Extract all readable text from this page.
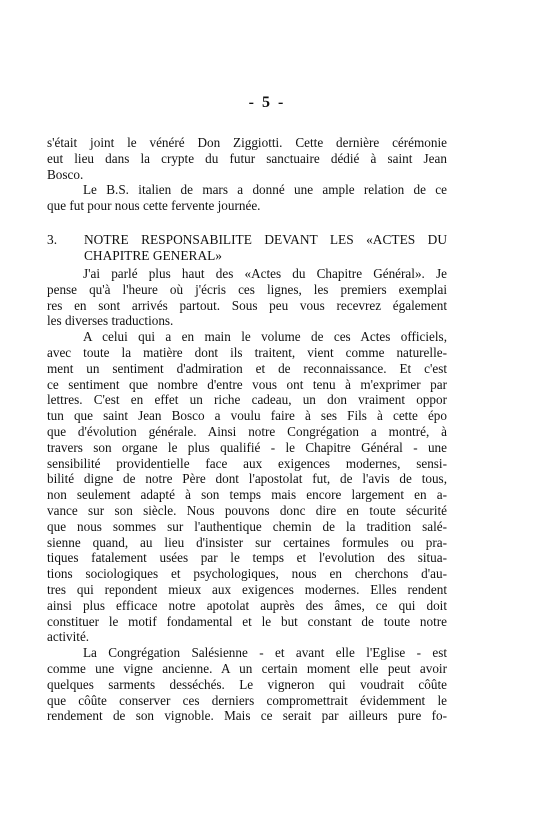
- 5 -
s'était joint le vénéré Don Ziggiotti. Cette dernière cérémonie
eut lieu dans la crypte du futur sanctuaire dédié à saint Jean
Bosco.
Le B.S. italien de mars a donné une ample relation de ce
que fut pour nous cette fervente journée.
3. NOTRE RESPONSABILITE DEVANT LES «ACTES DU
CHAPITRE GENERAL»
J'ai parlé plus haut des «Actes du Chapitre Général». Je
pense qu'à l'heure où j'écris ces lignes, les premiers exemplai
res en sont arrivés partout. Sous peu vous recevrez également
les diverses traductions.
A celui qui a en main le volume de ces Actes officiels,
avec toute la matière dont ils traitent, vient comme naturelle-
ment un sentiment d'admiration et de reconnaissance. Et c'est
ce sentiment que nombre d'entre vous ont tenu à m'exprimer par
lettres. C'est en effet un riche cadeau, un don vraiment oppor
tun que saint Jean Bosco a voulu faire à ses Fils à cette épo
que d'évolution générale. Ainsi notre Congrégation a montré, à
travers son organe le plus qualifié - le Chapitre Général - une
sensibilité providentielle face aux exigences modernes, sensi-
bilité digne de notre Père dont l'apostolat fut, de l'avis de tous,
non seulement adapté à son temps mais encore largement en a-
vance sur son siècle. Nous pouvons donc dire en toute sécurité
que nous sommes sur l'authentique chemin de la tradition salé-
sienne quand, au lieu d'insister sur certaines formules ou pra-
tiques fatalement usées par le temps et l'evolution des situa-
tions sociologiques et psychologiques, nous en cherchons d'au-
tres qui repondent mieux aux exigences modernes. Elles rendent
ainsi plus efficace notre apotolat auprès des âmes, ce qui doit
constituer le motif fondamental et le but constant de toute notre
activité.
La Congrégation Salésienne - et avant elle l'Eglise - est
comme une vigne ancienne. A un certain moment elle peut avoir
quelques sarments desséchés. Le vigneron qui voudrait côûte
que côûte conserver ces derniers compromettrait évidemment le
rendement de son vignoble. Mais ce serait par ailleurs pure fo-
